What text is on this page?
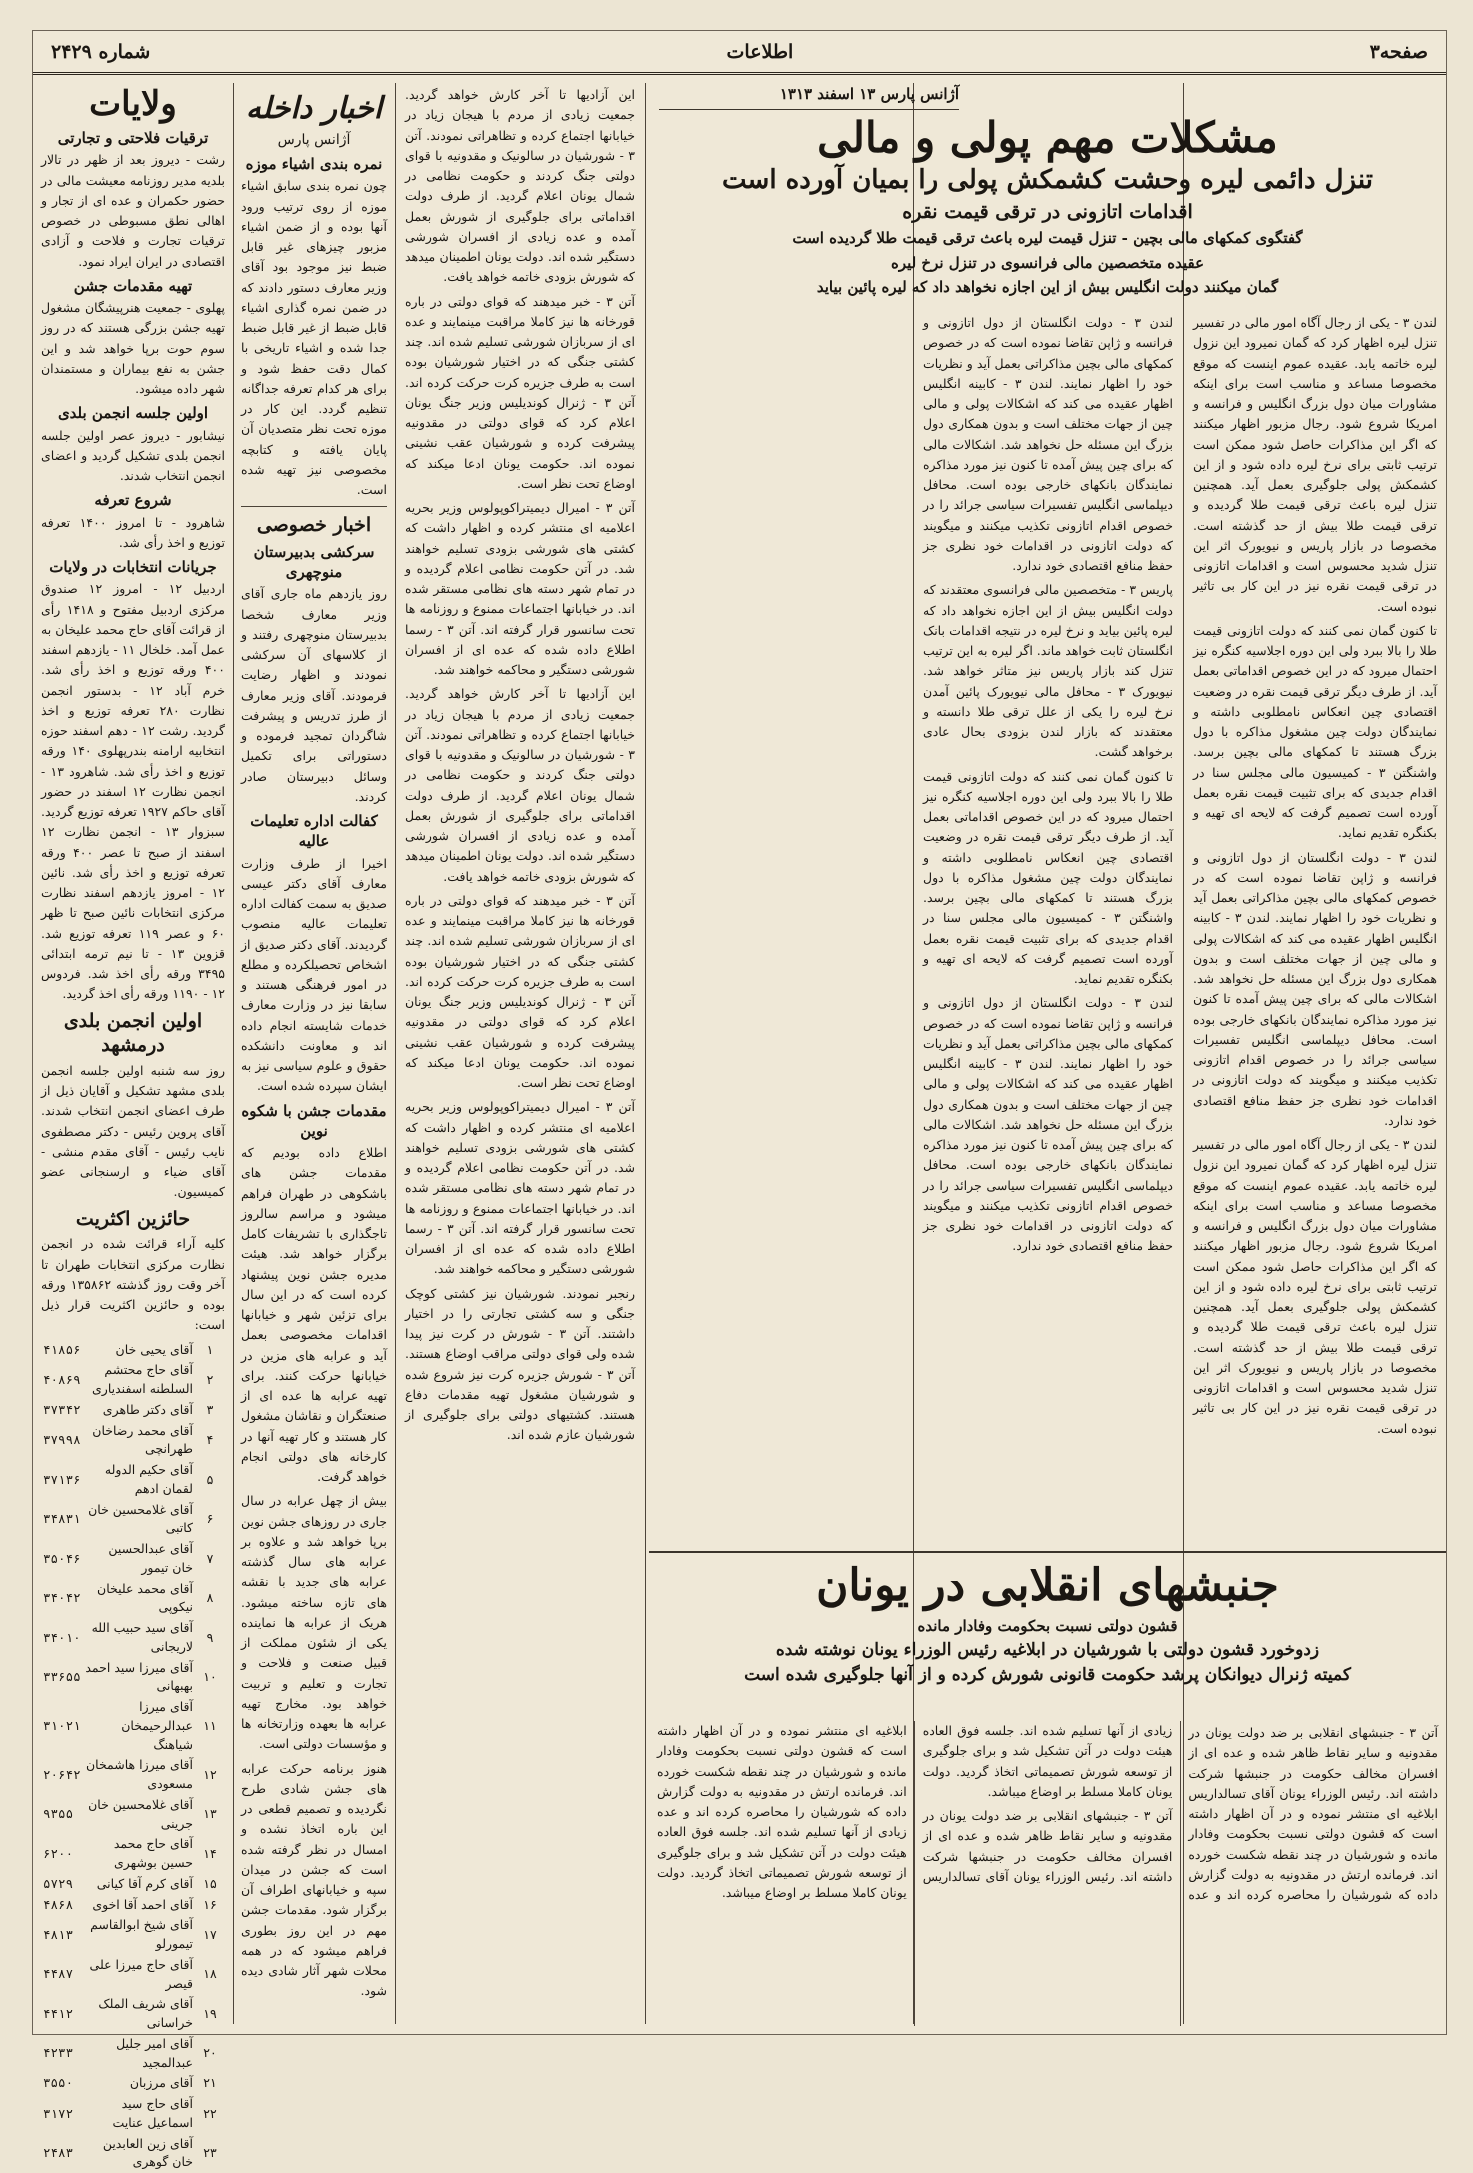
صفحه۳
اطلاعات
شماره ۲۴۲۹
آژانس پارس ۱۳ اسفند ۱۳۱۳
مشکلات مهم پولی و مالی
تنزل دائمی لیره وحشت کشمکش پولی را بمیان آورده است
اقدامات اتازونی در ترقی قیمت نقره
گفتگوی کمکهای مالی بچین - تنزل قیمت لیره باعث ترقی قیمت طلا گردیده است
عقیده متخصصین مالی فرانسوی در تنزل نرخ لیره
گمان میکنند دولت انگلیس بیش از این اجازه نخواهد داد که لیره پائین بیاید

لندن ۳ - یکی از رجال آگاه امور مالی در تفسیر تنزل لیره اظهار کرد که گمان نمیرود این نزول لیره خاتمه یابد. عقیده عموم اینست که موقع مخصوصا مساعد و مناسب است برای اینکه مشاورات میان دول بزرگ انگلیس و فرانسه و امریکا شروع شود. رجال مزبور اظهار میکنند که اگر این مذاکرات حاصل شود ممکن است ترتیب ثابتی برای نرخ لیره داده شود و از این کشمکش پولی جلوگیری بعمل آید. همچنین تنزل لیره باعث ترقی قیمت طلا گردیده و ترقی قیمت طلا بیش از حد گذشته است. مخصوصا در بازار پاریس و نیویورک اثر این تنزل شدید محسوس است و اقدامات اتازونی در ترقی قیمت نقره نیز در این کار بی تاثیر نبوده است.

تا کنون گمان نمی کنند که دولت اتازونی قیمت طلا را بالا ببرد ولی این دوره اجلاسیه کنگره نیز احتمال میرود که در این خصوص اقداماتی بعمل آید. از طرف دیگر ترقی قیمت نقره در وضعیت اقتصادی چین انعکاس نامطلوبی داشته و نمایندگان دولت چین مشغول مذاکره با دول بزرگ هستند تا کمکهای مالی بچین برسد. واشنگتن ۳ - کمیسیون مالی مجلس سنا در اقدام جدیدی که برای تثبیت قیمت نقره بعمل آورده است تصمیم گرفت که لایحه ای تهیه و بکنگره تقدیم نماید.

لندن ۳ - دولت انگلستان از دول اتازونی و فرانسه و ژاپن تقاضا نموده است که در خصوص کمکهای مالی بچین مذاکراتی بعمل آید و نظریات خود را اظهار نمایند. لندن ۳ - کابینه انگلیس اظهار عقیده می کند که اشکالات پولی و مالی چین از جهات مختلف است و بدون همکاری دول بزرگ این مسئله حل نخواهد شد. اشکالات مالی که برای چین پیش آمده تا کنون نیز مورد مذاکره نمایندگان بانکهای خارجی بوده است. محافل دیپلماسی انگلیس تفسیرات سیاسی جرائد را در خصوص اقدام اتازونی تکذیب میکنند و میگویند که دولت اتازونی در اقدامات خود نظری جز حفظ منافع اقتصادی خود ندارد.

لندن ۳ - یکی از رجال آگاه امور مالی در تفسیر تنزل لیره اظهار کرد که گمان نمیرود این نزول لیره خاتمه یابد. عقیده عموم اینست که موقع مخصوصا مساعد و مناسب است برای اینکه مشاورات میان دول بزرگ انگلیس و فرانسه و امریکا شروع شود. رجال مزبور اظهار میکنند که اگر این مذاکرات حاصل شود ممکن است ترتیب ثابتی برای نرخ لیره داده شود و از این کشمکش پولی جلوگیری بعمل آید. همچنین تنزل لیره باعث ترقی قیمت طلا گردیده و ترقی قیمت طلا بیش از حد گذشته است. مخصوصا در بازار پاریس و نیویورک اثر این تنزل شدید محسوس است و اقدامات اتازونی در ترقی قیمت نقره نیز در این کار بی تاثیر نبوده است.

لندن ۳ - دولت انگلستان از دول اتازونی و فرانسه و ژاپن تقاضا نموده است که در خصوص کمکهای مالی بچین مذاکراتی بعمل آید و نظریات خود را اظهار نمایند. لندن ۳ - کابینه انگلیس اظهار عقیده می کند که اشکالات پولی و مالی چین از جهات مختلف است و بدون همکاری دول بزرگ این مسئله حل نخواهد شد. اشکالات مالی که برای چین پیش آمده تا کنون نیز مورد مذاکره نمایندگان بانکهای خارجی بوده است. محافل دیپلماسی انگلیس تفسیرات سیاسی جرائد را در خصوص اقدام اتازونی تکذیب میکنند و میگویند که دولت اتازونی در اقدامات خود نظری جز حفظ منافع اقتصادی خود ندارد.

پاریس ۳ - متخصصین مالی فرانسوی معتقدند که دولت انگلیس بیش از این اجازه نخواهد داد که لیره پائین بیاید و نرخ لیره در نتیجه اقدامات بانک انگلستان ثابت خواهد ماند. اگر لیره به این ترتیب تنزل کند بازار پاریس نیز متاثر خواهد شد. نیویورک ۳ - محافل مالی نیویورک پائین آمدن نرخ لیره را یکی از علل ترقی طلا دانسته و معتقدند که بازار لندن بزودی بحال عادی برخواهد گشت.

تا کنون گمان نمی کنند که دولت اتازونی قیمت طلا را بالا ببرد ولی این دوره اجلاسیه کنگره نیز احتمال میرود که در این خصوص اقداماتی بعمل آید. از طرف دیگر ترقی قیمت نقره در وضعیت اقتصادی چین انعکاس نامطلوبی داشته و نمایندگان دولت چین مشغول مذاکره با دول بزرگ هستند تا کمکهای مالی بچین برسد. واشنگتن ۳ - کمیسیون مالی مجلس سنا در اقدام جدیدی که برای تثبیت قیمت نقره بعمل آورده است تصمیم گرفت که لایحه ای تهیه و بکنگره تقدیم نماید.

لندن ۳ - دولت انگلستان از دول اتازونی و فرانسه و ژاپن تقاضا نموده است که در خصوص کمکهای مالی بچین مذاکراتی بعمل آید و نظریات خود را اظهار نمایند. لندن ۳ - کابینه انگلیس اظهار عقیده می کند که اشکالات پولی و مالی چین از جهات مختلف است و بدون همکاری دول بزرگ این مسئله حل نخواهد شد. اشکالات مالی که برای چین پیش آمده تا کنون نیز مورد مذاکره نمایندگان بانکهای خارجی بوده است. محافل دیپلماسی انگلیس تفسیرات سیاسی جرائد را در خصوص اقدام اتازونی تکذیب میکنند و میگویند که دولت اتازونی در اقدامات خود نظری جز حفظ منافع اقتصادی خود ندارد.

جنبشهای انقلابی در یونان
قشون دولتی نسبت بحکومت وفادار مانده
زدوخورد قشون دولتی با شورشیان در ابلاغیه رئیس الوزراء یونان نوشته شده
کمیته ژنرال دیوانکان پرشد حکومت قانونی شورش کرده و از آنها جلوگیری شده است

آتن ۳ - جنبشهای انقلابی بر ضد دولت یونان در مقدونیه و سایر نقاط ظاهر شده و عده ای از افسران مخالف حکومت در جنبشها شرکت داشته اند. رئیس الوزراء یونان آقای تسالداریس ابلاغیه ای منتشر نموده و در آن اظهار داشته است که قشون دولتی نسبت بحکومت وفادار مانده و شورشیان در چند نقطه شکست خورده اند. فرمانده ارتش در مقدونیه به دولت گزارش داده که شورشیان را محاصره کرده اند و عده زیادی از آنها تسلیم شده اند. جلسه فوق العاده هیئت دولت در آتن تشکیل شد و برای جلوگیری از توسعه شورش تصمیماتی اتخاذ گردید. دولت یونان کاملا مسلط بر اوضاع میباشد.

آتن ۳ - جنبشهای انقلابی بر ضد دولت یونان در مقدونیه و سایر نقاط ظاهر شده و عده ای از افسران مخالف حکومت در جنبشها شرکت داشته اند. رئیس الوزراء یونان آقای تسالداریس ابلاغیه ای منتشر نموده و در آن اظهار داشته است که قشون دولتی نسبت بحکومت وفادار مانده و شورشیان در چند نقطه شکست خورده اند. فرمانده ارتش در مقدونیه به دولت گزارش داده که شورشیان را محاصره کرده اند و عده زیادی از آنها تسلیم شده اند. جلسه فوق العاده هیئت دولت در آتن تشکیل شد و برای جلوگیری از توسعه شورش تصمیماتی اتخاذ گردید. دولت یونان کاملا مسلط بر اوضاع میباشد.

این آزادیها تا آخر کارش خواهد گردید. جمعیت زیادی از مردم با هیجان زیاد در خیابانها اجتماع کرده و تظاهراتی نمودند. آتن ۳ - شورشیان در سالونیک و مقدونیه با قوای دولتی جنگ کردند و حکومت نظامی در شمال یونان اعلام گردید. از طرف دولت اقداماتی برای جلوگیری از شورش بعمل آمده و عده زیادی از افسران شورشی دستگیر شده اند. دولت یونان اطمینان میدهد که شورش بزودی خاتمه خواهد یافت.

آتن ۳ - خبر میدهند که قوای دولتی در باره قورخانه ها نیز کاملا مراقبت مینمایند و عده ای از سربازان شورشی تسلیم شده اند. چند کشتی جنگی که در اختیار شورشیان بوده است به طرف جزیره کرت حرکت کرده اند. آتن ۳ - ژنرال کوندیلیس وزیر جنگ یونان اعلام کرد که قوای دولتی در مقدونیه پیشرفت کرده و شورشیان عقب نشینی نموده اند. حکومت یونان ادعا میکند که اوضاع تحت نظر است.

آتن ۳ - امیرال دیمیتراکوپولوس وزیر بحریه اعلامیه ای منتشر کرده و اظهار داشت که کشتی های شورشی بزودی تسلیم خواهند شد. در آتن حکومت نظامی اعلام گردیده و در تمام شهر دسته های نظامی مستقر شده اند. در خیابانها اجتماعات ممنوع و روزنامه ها تحت سانسور قرار گرفته اند. آتن ۳ - رسما اطلاع داده شده که عده ای از افسران شورشی دستگیر و محاکمه خواهند شد.

این آزادیها تا آخر کارش خواهد گردید. جمعیت زیادی از مردم با هیجان زیاد در خیابانها اجتماع کرده و تظاهراتی نمودند. آتن ۳ - شورشیان در سالونیک و مقدونیه با قوای دولتی جنگ کردند و حکومت نظامی در شمال یونان اعلام گردید. از طرف دولت اقداماتی برای جلوگیری از شورش بعمل آمده و عده زیادی از افسران شورشی دستگیر شده اند. دولت یونان اطمینان میدهد که شورش بزودی خاتمه خواهد یافت.

آتن ۳ - خبر میدهند که قوای دولتی در باره قورخانه ها نیز کاملا مراقبت مینمایند و عده ای از سربازان شورشی تسلیم شده اند. چند کشتی جنگی که در اختیار شورشیان بوده است به طرف جزیره کرت حرکت کرده اند. آتن ۳ - ژنرال کوندیلیس وزیر جنگ یونان اعلام کرد که قوای دولتی در مقدونیه پیشرفت کرده و شورشیان عقب نشینی نموده اند. حکومت یونان ادعا میکند که اوضاع تحت نظر است.

آتن ۳ - امیرال دیمیتراکوپولوس وزیر بحریه اعلامیه ای منتشر کرده و اظهار داشت که کشتی های شورشی بزودی تسلیم خواهند شد. در آتن حکومت نظامی اعلام گردیده و در تمام شهر دسته های نظامی مستقر شده اند. در خیابانها اجتماعات ممنوع و روزنامه ها تحت سانسور قرار گرفته اند. آتن ۳ - رسما اطلاع داده شده که عده ای از افسران شورشی دستگیر و محاکمه خواهند شد.

رنجبر نمودند. شورشیان نیز کشتی کوچک جنگی و سه کشتی تجارتی را در اختیار داشتند. آتن ۳ - شورش در کرت نیز پیدا شده ولی قوای دولتی مراقب اوضاع هستند. آتن ۳ - شورش جزیره کرت نیز شروع شده و شورشیان مشغول تهیه مقدمات دفاع هستند. کشتیهای دولتی برای جلوگیری از شورشیان عازم شده اند.

اخبار داخله
آژانس پارس
نمره بندی اشیاء موزه

چون نمره بندی سابق اشیاء موزه از روی ترتیب ورود آنها بوده و از ضمن اشیاء مزبور چیزهای غیر قابل ضبط نیز موجود بود آقای وزیر معارف دستور دادند که در ضمن نمره گذاری اشیاء قابل ضبط از غیر قابل ضبط جدا شده و اشیاء تاریخی با کمال دقت حفظ شود و برای هر کدام تعرفه جداگانه تنظیم گردد. این کار در موزه تحت نظر متصدیان آن پایان یافته و کتابچه مخصوصی نیز تهیه شده است.

اخبار خصوصی
سرکشی بدبیرستان منوچهری

روز یازدهم ماه جاری آقای وزیر معارف شخصا بدبیرستان منوچهری رفتند و از کلاسهای آن سرکشی نمودند و اظهار رضایت فرمودند. آقای وزیر معارف از طرز تدریس و پیشرفت شاگردان تمجید فرموده و دستوراتی برای تکمیل وسائل دبیرستان صادر کردند.

کفالت اداره تعلیمات عالیه

اخیرا از طرف وزارت معارف آقای دکتر عیسی صدیق به سمت کفالت اداره تعلیمات عالیه منصوب گردیدند. آقای دکتر صدیق از اشخاص تحصیلکرده و مطلع در امور فرهنگی هستند و سابقا نیز در وزارت معارف خدمات شایسته انجام داده اند و معاونت دانشکده حقوق و علوم سیاسی نیز به ایشان سپرده شده است.

مقدمات جشن با شکوه نوین

اطلاع داده بودیم که مقدمات جشن های باشکوهی در طهران فراهم میشود و مراسم سالروز تاجگذاری با تشریفات کامل برگزار خواهد شد. هیئت مدیره جشن نوین پیشنهاد کرده است که در این سال برای تزئین شهر و خیابانها اقدامات مخصوصی بعمل آید و عرابه های مزین در خیابانها حرکت کنند. برای تهیه عرابه ها عده ای از صنعتگران و نقاشان مشغول کار هستند و کار تهیه آنها در کارخانه های دولتی انجام خواهد گرفت.

بیش از چهل عرابه در سال جاری در روزهای جشن نوین برپا خواهد شد و علاوه بر عرابه های سال گذشته عرابه های جدید با نقشه های تازه ساخته میشود. هریک از عرابه ها نماینده یکی از شئون مملکت از قبیل صنعت و فلاحت و تجارت و تعلیم و تربیت خواهد بود. مخارج تهیه عرابه ها بعهده وزارتخانه ها و مؤسسات دولتی است.

هنوز برنامه حرکت عرابه های جشن شادی طرح نگردیده و تصمیم قطعی در این باره اتخاذ نشده و امسال در نظر گرفته شده است که جشن در میدان سپه و خیابانهای اطراف آن برگزار شود. مقدمات جشن مهم در این روز بطوری فراهم میشود که در همه محلات شهر آثار شادی دیده شود.

ولایات
ترقیات فلاحتی و تجارتی

رشت - دیروز بعد از ظهر در تالار بلدیه مدیر روزنامه معیشت مالی در حضور حکمران و عده ای از تجار و اهالی نطق مسبوطی در خصوص ترقیات تجارت و فلاحت و آزادی اقتصادی در ایران ایراد نمود.

تهیه مقدمات جشن

پهلوی - جمعیت هنرپیشگان مشغول تهیه جشن بزرگی هستند که در روز سوم حوت برپا خواهد شد و این جشن به نفع بیماران و مستمندان شهر داده میشود.

اولین جلسه انجمن بلدی

نیشابور - دیروز عصر اولین جلسه انجمن بلدی تشکیل گردید و اعضای انجمن انتخاب شدند.

شروع تعرفه

شاهرود - تا امروز ۱۴۰۰ تعرفه توزیع و اخذ رأی شد.

جریانات انتخابات در ولایات

اردبیل ۱۲ - امروز ۱۲ صندوق مرکزی اردبیل مفتوح و ۱۴۱۸ رأی از قرائت آقای حاج محمد علیخان به عمل آمد. خلخال ۱۱ - یازدهم اسفند ۴۰۰ ورقه توزیع و اخذ رأی شد. خرم آباد ۱۲ - بدستور انجمن نظارت ۲۸۰ تعرفه توزیع و اخذ گردید. رشت ۱۲ - دهم اسفند حوزه انتخابیه ارامنه بندرپهلوی ۱۴۰ ورقه توزیع و اخذ رأی شد. شاهرود ۱۳ - انجمن نظارت ۱۲ اسفند در حضور آقای حاکم ۱۹۲۷ تعرفه توزیع گردید. سبزوار ۱۳ - انجمن نظارت ۱۲ اسفند از صبح تا عصر ۴۰۰ ورقه تعرفه توزیع و اخذ رأی شد. نائین ۱۲ - امروز یازدهم اسفند نظارت مرکزی انتخابات نائین صبح تا ظهر ۶۰ و عصر ۱۱۹ تعرفه توزیع شد. قزوین ۱۳ - تا نیم ترمه ابتدائی ۳۴۹۵ ورقه رأی اخذ شد. فردوس ۱۲ - ۱۱۹۰ ورقه رأی اخذ گردید.

اولین انجمن بلدی درمشهد

روز سه شنبه اولین جلسه انجمن بلدی مشهد تشکیل و آقایان ذیل از طرف اعضای انجمن انتخاب شدند. آقای پروین رئیس - دکتر مصطفوی نایب رئیس - آقای مقدم منشی - آقای ضیاء و ارسنجانی عضو کمیسیون.

حائزین اکثریت

کلیه آراء قرائت شده در انجمن نظارت مرکزی انتخابات طهران تا آخر وقت روز گذشته ۱۳۵۸۶۲ ورقه بوده و حائزین اکثریت قرار ذیل است:

۱	آقای یحیی خان	۴۱۸۵۶
۲	آقای حاج محتشم السلطنه اسفندیاری	۴۰۸۶۹
۳	آقای دکتر طاهری	۳۷۳۴۲
۴	آقای محمد رضاخان طهرانچی	۳۷۹۹۸
۵	آقای حکیم الدوله لقمان ادهم	۳۷۱۳۶
۶	آقای غلامحسین خان کاتبی	۳۴۸۳۱
۷	آقای عبدالحسین خان تیمور	۳۵۰۴۶
۸	آقای محمد علیخان نیکوپی	۳۴۰۴۲
۹	آقای سید حبیب الله لاریجانی	۳۴۰۱۰
۱۰	آقای میرزا سید احمد بهبهانی	۳۳۶۵۵
۱۱	آقای میرزا عبدالرحیمخان شیاهنگ	۳۱۰۲۱
۱۲	آقای میرزا هاشمخان مسعودی	۲۰۶۴۲
۱۳	آقای غلامحسین خان جرینی	۹۳۵۵
۱۴	آقای حاج محمد حسین بوشهری	۶۲۰۰
۱۵	آقای کرم آقا کیانی	۵۷۲۹
۱۶	آقای احمد آقا اخوی	۴۸۶۸
۱۷	آقای شیخ ابوالقاسم تیمورلو	۴۸۱۳
۱۸	آقای حاج میرزا علی قیصر	۴۴۸۷
۱۹	آقای شریف الملک خراسانی	۴۴۱۲
۲۰	آقای امیر جلیل عبدالمجید	۴۲۳۳
۲۱	آقای مرزبان	۳۵۵۰
۲۲	آقای حاج سید اسماعیل عنایت	۳۱۷۲
۲۳	آقای زین العابدین خان گوهری	۲۴۸۳
